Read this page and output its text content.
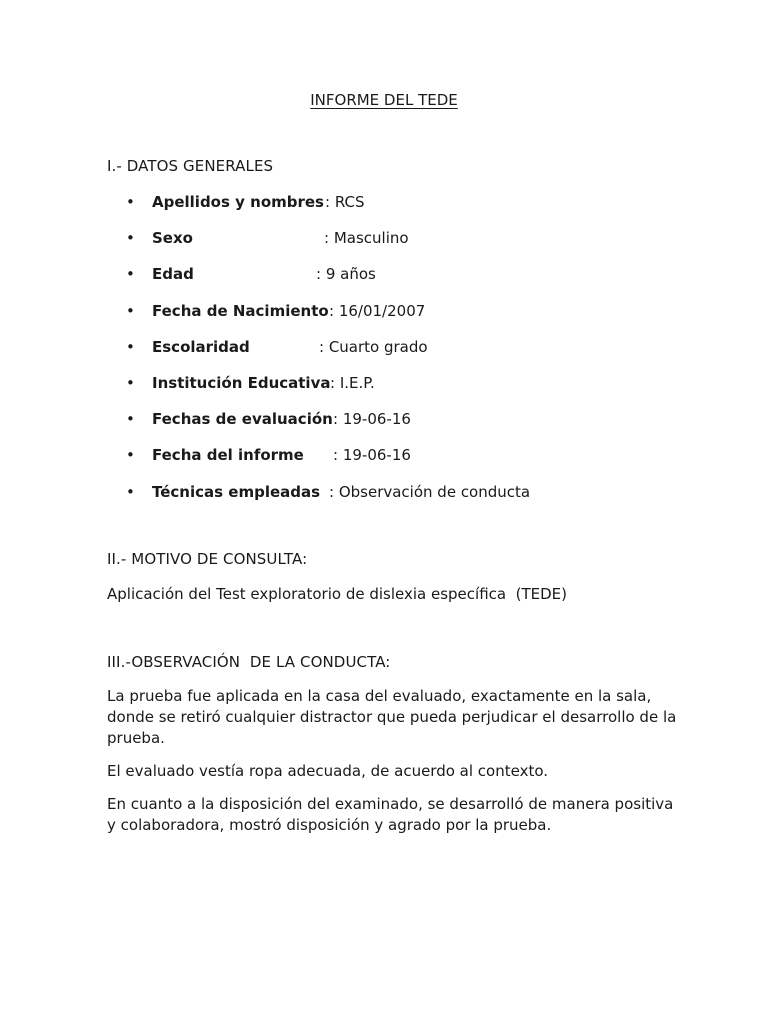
INFORME DEL TEDE
I.- DATOS GENERALES
• Apellidos y nombres : RCS
• Sexo	: Masculino
• Edad	: 9 años
• Fecha de Nacimiento : 16/01/2007
• Escolaridad	: Cuarto grado
• Institución Educativa : I.E.P.
• Fechas de evaluación : 19-06-16
• Fecha del informe : 19-06-16
• Técnicas empleadas : Observación de conducta
II.- MOTIVO DE CONSULTA:

Aplicación del Test exploratorio de dislexia específica  (TEDE)

III.-OBSERVACIÓN  DE LA CONDUCTA:

La prueba fue aplicada en la casa del evaluado, exactamente en la sala, donde se retiró cualquier distractor que pueda perjudicar el desarrollo de la prueba.

El evaluado vestía ropa adecuada, de acuerdo al contexto.

En cuanto a la disposición del examinado, se desarrolló de manera positiva y colaboradora, mostró disposición y agrado por la prueba.
